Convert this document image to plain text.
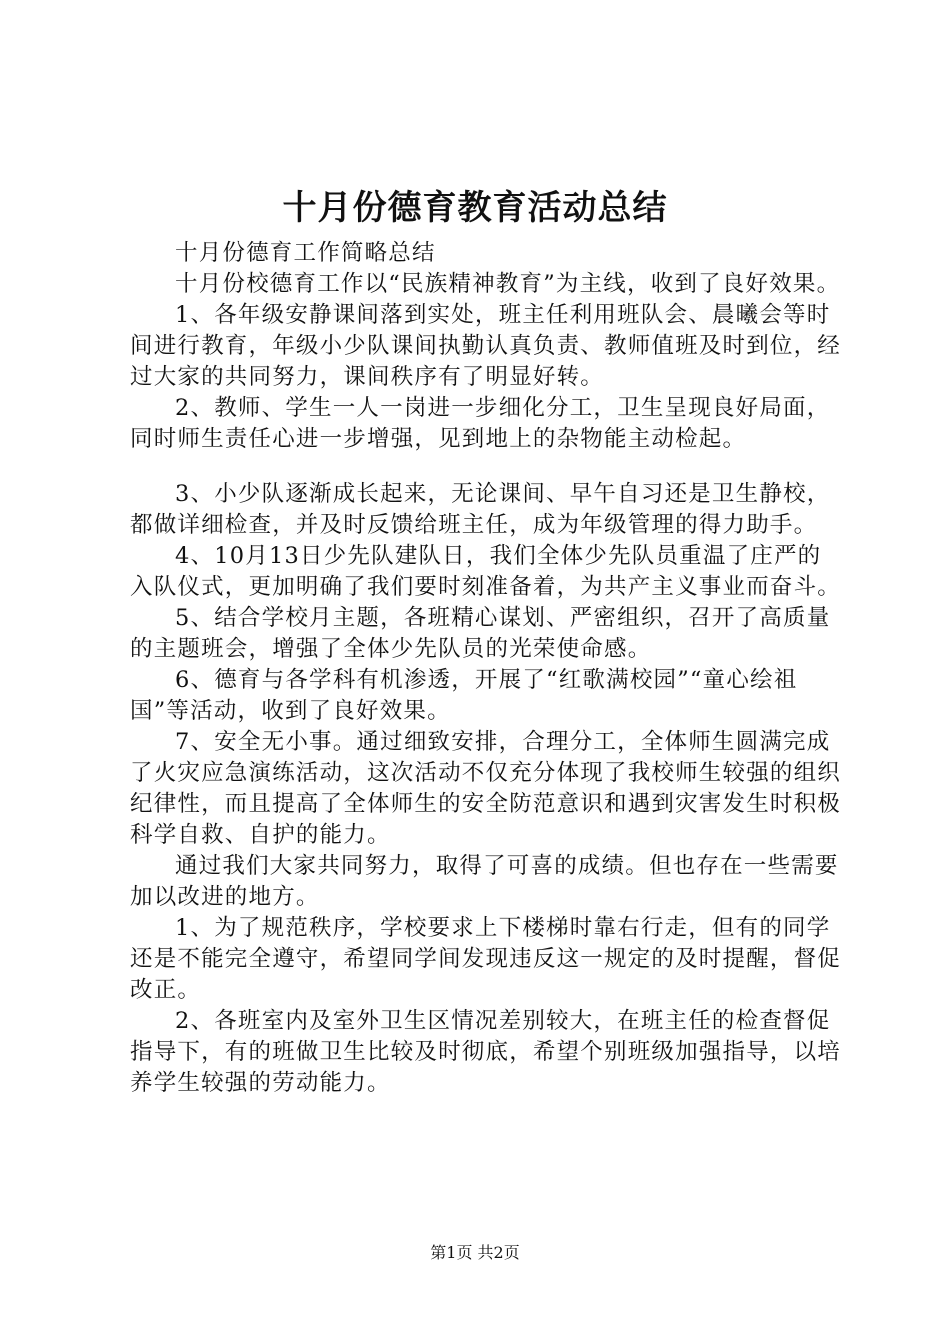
十月份德育教育活动总结

十月份德育工作简略总结

十月份校德育工作以“民族精神教育”为主线，收到了良好效果。

1、各年级安静课间落到实处，班主任利用班队会、晨曦会等时间进行教育，年级小少队课间执勤认真负责、教师值班及时到位，经过大家的共同努力，课间秩序有了明显好转。

2、教师、学生一人一岗进一步细化分工，卫生呈现良好局面，同时师生责任心进一步增强，见到地上的杂物能主动检起。

3、小少队逐渐成长起来，无论课间、早午自习还是卫生静校，都做详细检查，并及时反馈给班主任，成为年级管理的得力助手。

4、10月13日少先队建队日，我们全体少先队员重温了庄严的入队仪式，更加明确了我们要时刻准备着，为共产主义事业而奋斗。

5、结合学校月主题，各班精心谋划、严密组织，召开了高质量的主题班会，增强了全体少先队员的光荣使命感。

6、德育与各学科有机渗透，开展了“红歌满校园”“童心绘祖国”等活动，收到了良好效果。

7、安全无小事。通过细致安排，合理分工，全体师生圆满完成了火灾应急演练活动，这次活动不仅充分体现了我校师生较强的组织纪律性，而且提高了全体师生的安全防范意识和遇到灾害发生时积极科学自救、自护的能力。

通过我们大家共同努力，取得了可喜的成绩。但也存在一些需要加以改进的地方。

1、为了规范秩序，学校要求上下楼梯时靠右行走，但有的同学还是不能完全遵守，希望同学间发现违反这一规定的及时提醒，督促改正。

2、各班室内及室外卫生区情况差别较大，在班主任的检查督促指导下，有的班做卫生比较及时彻底，希望个别班级加强指导，以培养学生较强的劳动能力。

第1页 共2页
